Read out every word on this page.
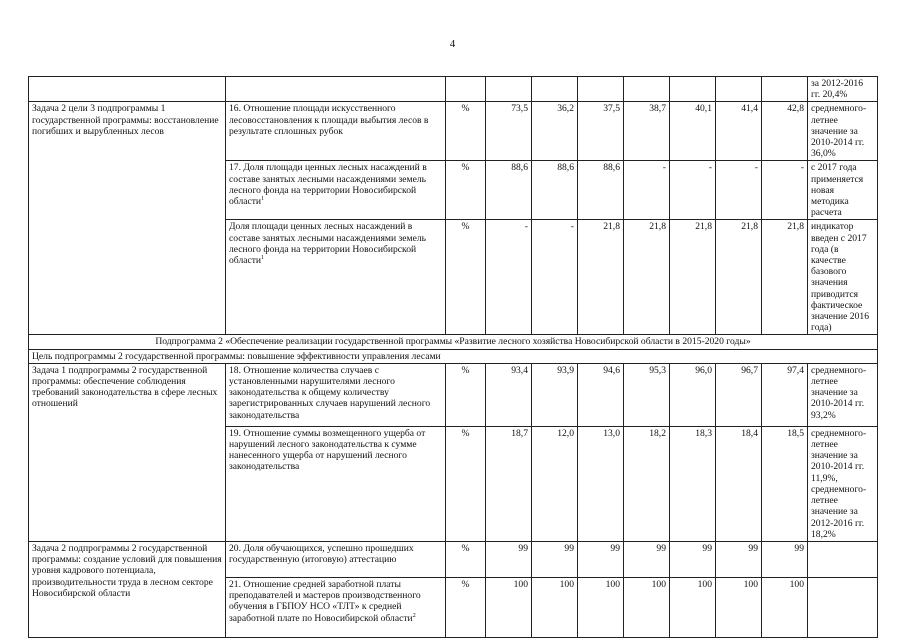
4
										за 2012-2016 гг. 20,4%
Задача 2 цели 3 подпрограммы 1 государственной программы: восстановление погибших и вырубленных лесов	16. Отношение площади искусственного лесовосстановления к площади выбытия лесов в результате сплошных рубок	%	73,5	36,2	37,5	38,7	40,1	41,4	42,8	среднемного-летнее значение за 2010-2014 гг. 36,0%
	17. Доля площади ценных лесных насаждений в составе занятых лесными насаждениями земель лесного фонда на территории Новосибирской области$^1$	%	88,6	88,6	88,6	-	-	-	-	с 2017 года применяется новая методика расчета
	Доля площади ценных лесных насаждений в составе занятых лесными насаждениями земель лесного фонда на территории Новосибирской области$^1$	%	-	-	21,8	21,8	21,8	21,8	21,8	индикатор введен с 2017 года (в качестве базового значения приводится фактическое значение 2016 года)
Подпрограмма 2 «Обеспечение реализации государственной программы «Развитие лесного хозяйства Новосибирской области в 2015-2020 годы»										
Цель подпрограммы 2 государственной программы: повышение эффективности управления лесами										
Задача 1 подпрограммы 2 государственной программы: обеспечение соблюдения требований законодательства в сфере лесных отношений	18. Отношение количества случаев с установленными нарушителями лесного законодательства к общему количеству зарегистрированных случаев нарушений лесного законодательства	%	93,4	93,9	94,6	95,3	96,0	96,7	97,4	среднемного-летнее значение за 2010-2014 гг. 93,2%
	19. Отношение суммы возмещенного ущерба от нарушений лесного законодательства к сумме нанесенного ущерба от нарушений лесного законодательства	%	18,7	12,0	13,0	18,2	18,3	18,4	18,5	среднемного-летнее значение за 2010-2014 гг. 11,9%, среднемного-летнее значение за 2012-2016 гг. 18,2%
Задача 2 подпрограммы 2 государственной программы: создание условий для повышения уровня кадрового потенциала, производительности труда в лесном секторе Новосибирской области	20. Доля обучающихся, успешно прошедших государственную (итоговую) аттестацию	%	99	99	99	99	99	99	99	
	21. Отношение средней заработной платы преподавателей и мастеров производственного обучения в ГБПОУ НСО «ТЛТ» к средней заработной плате по Новосибирской области$^2$	%	100	100	100	100	100	100	100	
